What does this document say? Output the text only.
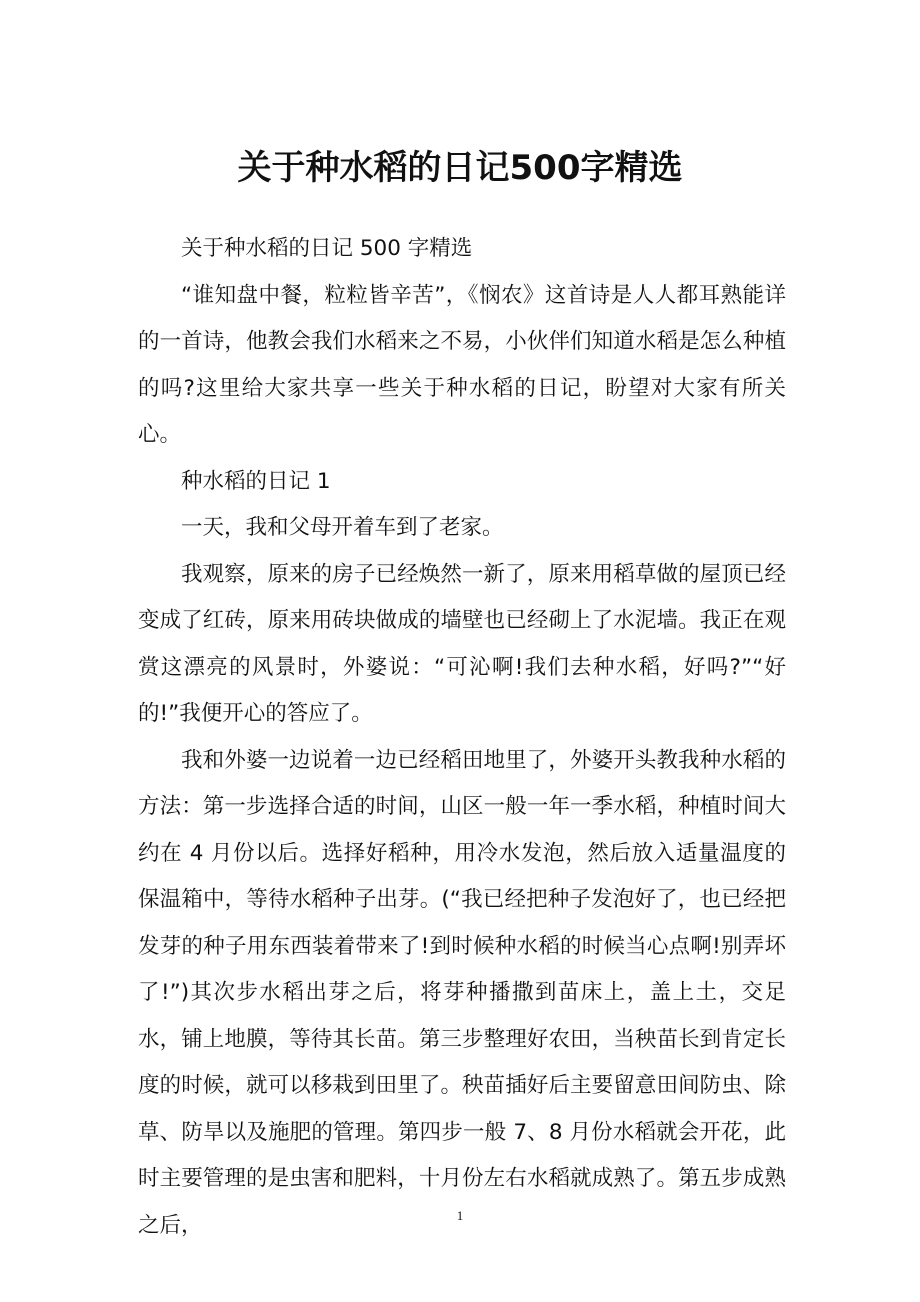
关于种水稻的日记500字精选

关于种水稻的日记 500 字精选

“谁知盘中餐，粒粒皆辛苦”，《悯农》这首诗是人人都耳熟能详的一首诗，他教会我们水稻来之不易，小伙伴们知道水稻是怎么种植的吗?这里给大家共享一些关于种水稻的日记，盼望对大家有所关心。

种水稻的日记 1

一天，我和父母开着车到了老家。

我观察，原来的房子已经焕然一新了，原来用稻草做的屋顶已经变成了红砖，原来用砖块做成的墙壁也已经砌上了水泥墙。我正在观赏这漂亮的风景时，外婆说：“可沁啊!我们去种水稻，好吗?”“好的!”我便开心的答应了。

我和外婆一边说着一边已经稻田地里了，外婆开头教我种水稻的方法：第一步选择合适的时间，山区一般一年一季水稻，种植时间大约在 4 月份以后。选择好稻种，用冷水发泡，然后放入适量温度的保温箱中，等待水稻种子出芽。(“我已经把种子发泡好了，也已经把发芽的种子用东西装着带来了!到时候种水稻的时候当心点啊!别弄坏了!”)其次步水稻出芽之后，将芽种播撒到苗床上，盖上土，交足水，铺上地膜，等待其长苗。第三步整理好农田，当秧苗长到肯定长度的时候，就可以移栽到田里了。秧苗插好后主要留意田间防虫、除草、防旱以及施肥的管理。第四步一般 7、8 月份水稻就会开花，此时主要管理的是虫害和肥料，十月份左右水稻就成熟了。第五步成熟之后，	1
